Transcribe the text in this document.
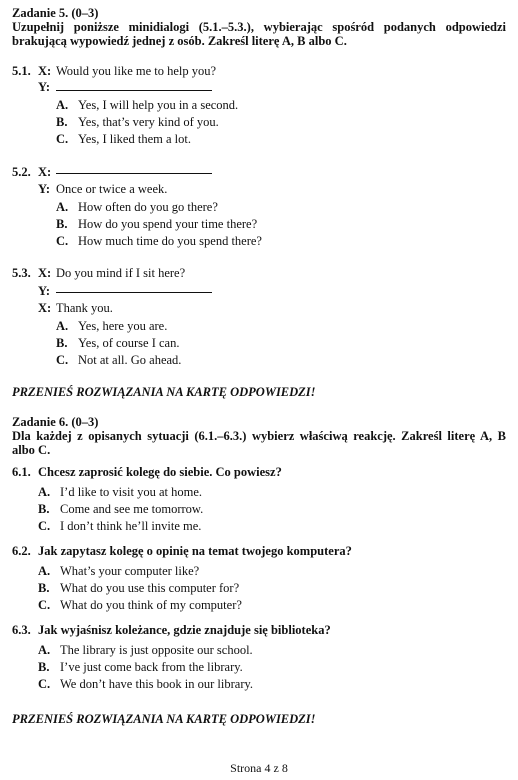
Zadanie 5. (0–3)
Uzupełnij poniższe minidialogi (5.1.–5.3.), wybierając spośród podanych odpowiedzi
brakującą wypowiedź jednej z osób. Zakreśl literę A, B albo C.
5.1. X: Would you like me to help you?
Y:
A. Yes, I will help you in a second.
B. Yes, that’s very kind of you.
C. Yes, I liked them a lot.
5.2. X:
Y: Once or twice a week.
A. How often do you go there?
B. How do you spend your time there?
C. How much time do you spend there?
5.3. X: Do you mind if I sit here?
Y:
X: Thank you.
A. Yes, here you are.
B. Yes, of course I can.
C. Not at all. Go ahead.
PRZENIEŚ ROZWIĄZANIA NA KARTĘ ODPOWIEDZI!
Zadanie 6. (0–3)
Dla każdej z opisanych sytuacji (6.1.–6.3.) wybierz właściwą reakcję. Zakreśl literę A, B
albo C.
6.1. Chcesz zaprosić kolegę do siebie. Co powiesz?
A. I’d like to visit you at home.
B. Come and see me tomorrow.
C. I don’t think he’ll invite me.
6.2. Jak zapytasz kolegę o opinię na temat twojego komputera?
A. What’s your computer like?
B. What do you use this computer for?
C. What do you think of my computer?
6.3. Jak wyjaśnisz koleżance, gdzie znajduje się biblioteka?
A. The library is just opposite our school.
B. I’ve just come back from the library.
C. We don’t have this book in our library.
PRZENIEŚ ROZWIĄZANIA NA KARTĘ ODPOWIEDZI!
Strona 4 z 8
